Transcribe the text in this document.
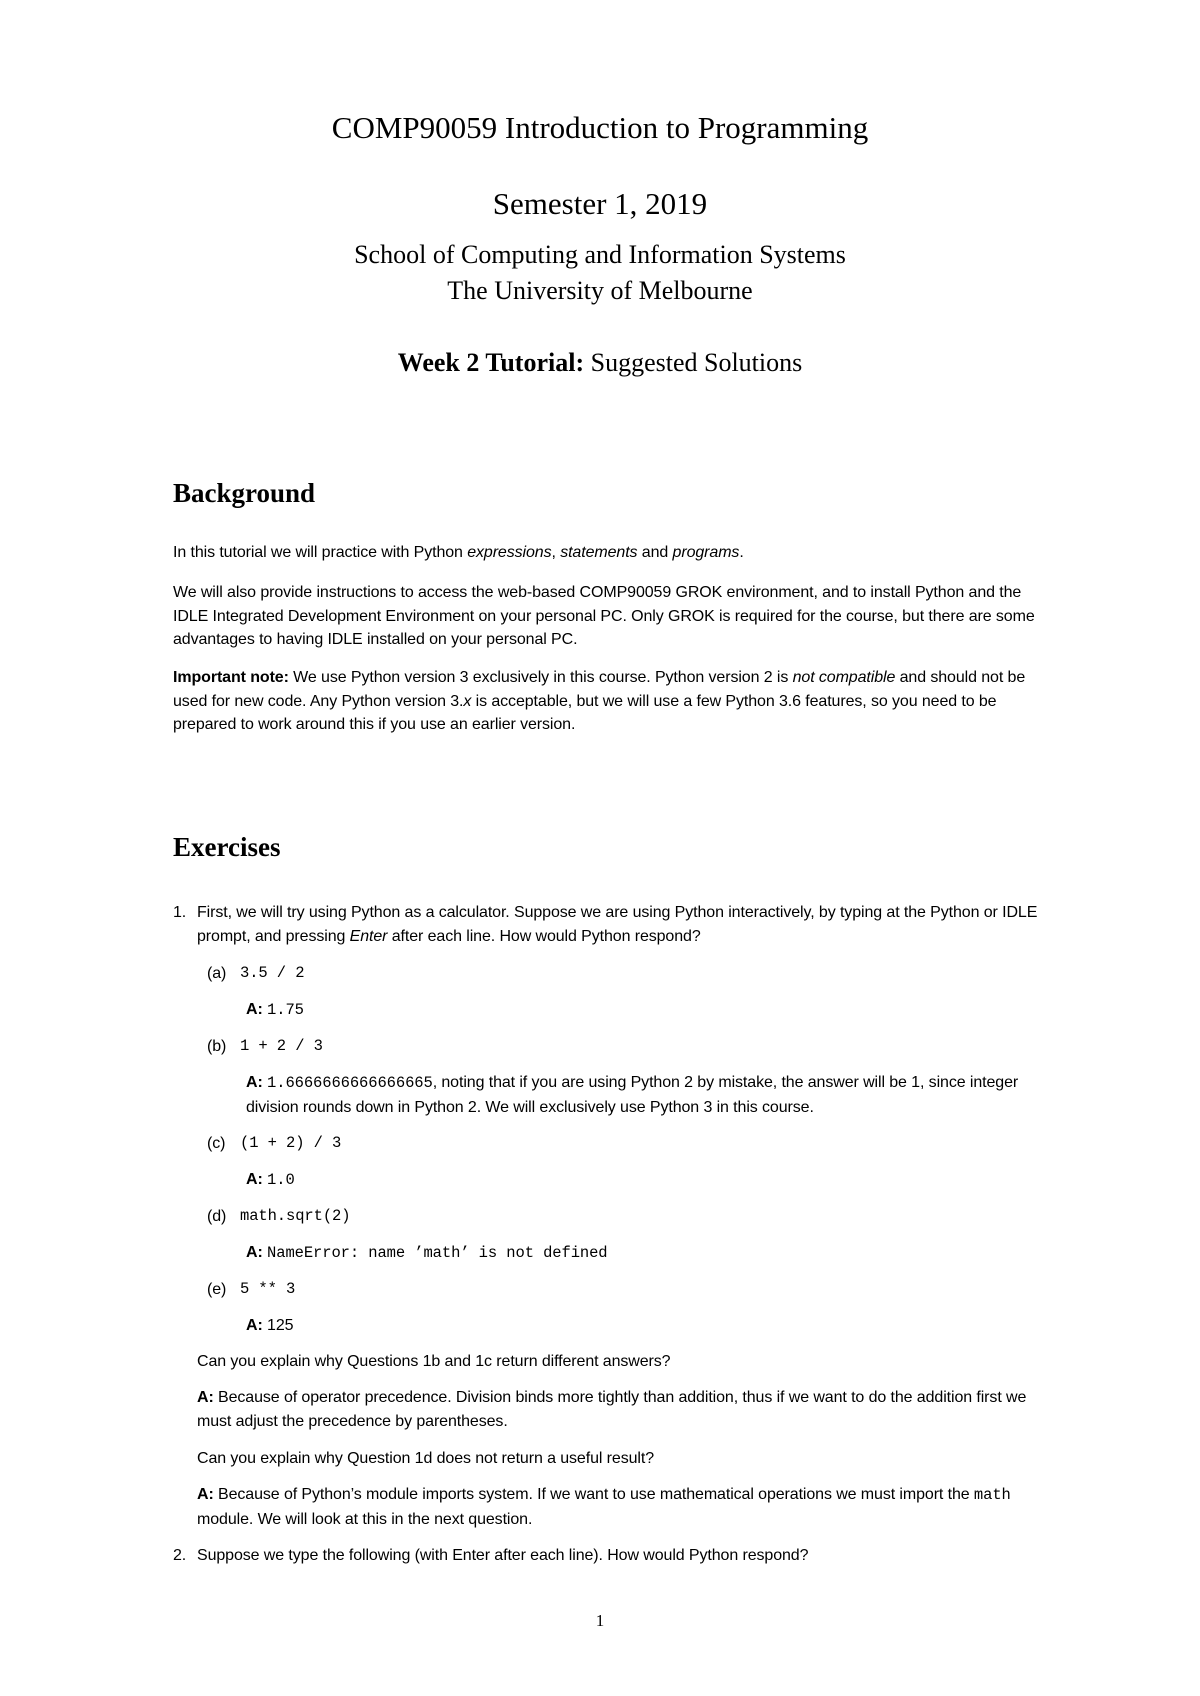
COMP90059 Introduction to Programming
Semester 1, 2019
School of Computing and Information Systems
The University of Melbourne
Week 2 Tutorial: Suggested Solutions
Background
In this tutorial we will practice with Python expressions, statements and programs.
We will also provide instructions to access the web-based COMP90059 GROK environment, and to install Python and the IDLE Integrated Development Environment on your personal PC. Only GROK is required for the course, but there are some advantages to having IDLE installed on your personal PC.
Important note: We use Python version 3 exclusively in this course. Python version 2 is not compatible and should not be used for new code. Any Python version 3.x is acceptable, but we will use a few Python 3.6 features, so you need to be prepared to work around this if you use an earlier version.
Exercises
1. First, we will try using Python as a calculator. Suppose we are using Python interactively, by typing at the Python or IDLE prompt, and pressing Enter after each line. How would Python respond?
(a) 3.5 / 2
A: 1.75
(b) 1 + 2 / 3
A: 1.6666666666666665, noting that if you are using Python 2 by mistake, the answer will be 1, since integer division rounds down in Python 2. We will exclusively use Python 3 in this course.
(c) (1 + 2) / 3
A: 1.0
(d) math.sqrt(2)
A: NameError: name ’math’ is not defined
(e) 5 ** 3
A: 125
Can you explain why Questions 1b and 1c return different answers?
A: Because of operator precedence. Division binds more tightly than addition, thus if we want to do the addition first we must adjust the precedence by parentheses.
Can you explain why Question 1d does not return a useful result?
A: Because of Python’s module imports system. If we want to use mathematical operations we must import the math module. We will look at this in the next question.
2. Suppose we type the following (with Enter after each line). How would Python respond?
1
